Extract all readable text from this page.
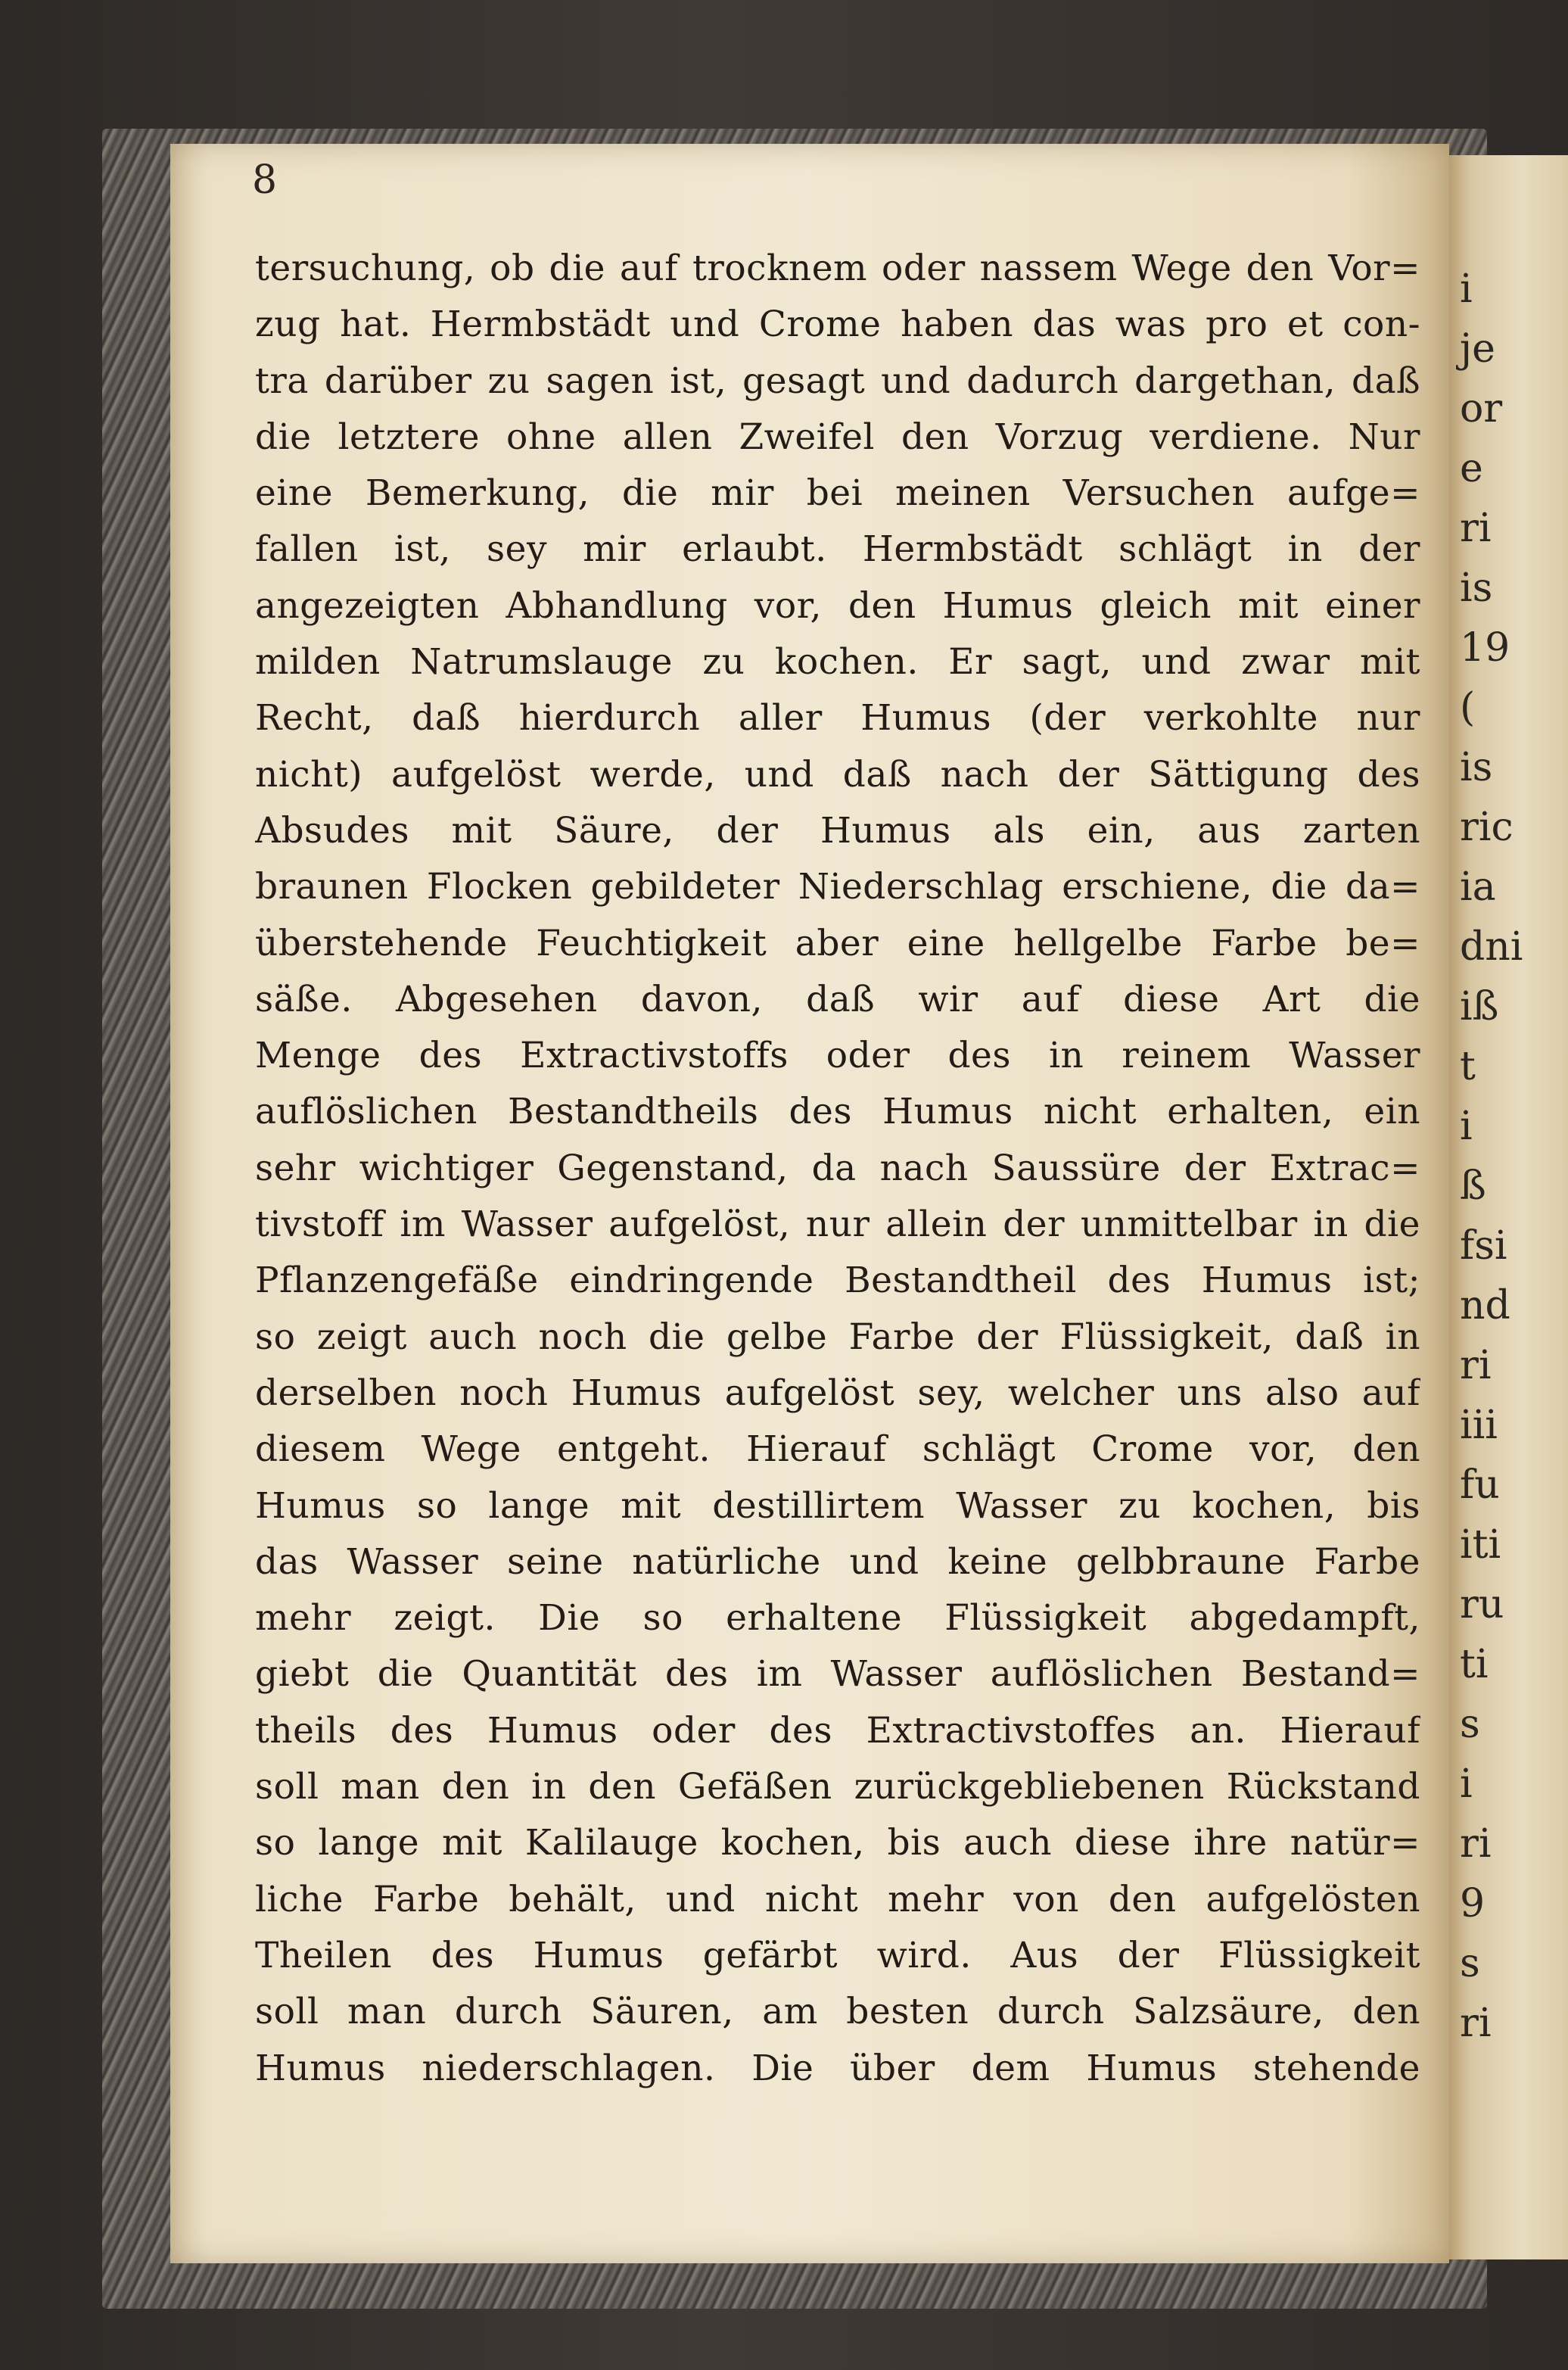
i
je
or
e
ri
is
19
(
is
ric
ia
dni
iß
t
i
ß
fsi
nd
ri
iii
fu
iti
ru
ti
s
i
ri
9
s
ri
8
tersuchung, ob die auf trocknem oder nassem Wege den Vor=
zug hat. Hermbstädt und Crome haben das was pro et con-
tra darüber zu sagen ist, gesagt und dadurch dargethan, daß
die letztere ohne allen Zweifel den Vorzug verdiene. Nur
eine Bemerkung, die mir bei meinen Versuchen aufge=
fallen ist, sey mir erlaubt. Hermbstädt schlägt in der
angezeigten Abhandlung vor, den Humus gleich mit einer
milden Natrumslauge zu kochen. Er sagt, und zwar mit
Recht, daß hierdurch aller Humus (der verkohlte nur
nicht) aufgelöst werde, und daß nach der Sättigung des
Absudes mit Säure, der Humus als ein, aus zarten
braunen Flocken gebildeter Niederschlag erschiene, die da=
überstehende Feuchtigkeit aber eine hellgelbe Farbe be=
säße. Abgesehen davon, daß wir auf diese Art die
Menge des Extractivstoffs oder des in reinem Wasser
auflöslichen Bestandtheils des Humus nicht erhalten, ein
sehr wichtiger Gegenstand, da nach Saussüre der Extrac=
tivstoff im Wasser aufgelöst, nur allein der unmittelbar in die
Pflanzengefäße eindringende Bestandtheil des Humus ist;
so zeigt auch noch die gelbe Farbe der Flüssigkeit, daß in
derselben noch Humus aufgelöst sey, welcher uns also auf
diesem Wege entgeht. Hierauf schlägt Crome vor, den
Humus so lange mit destillirtem Wasser zu kochen, bis
das Wasser seine natürliche und keine gelbbraune Farbe
mehr zeigt. Die so erhaltene Flüssigkeit abgedampft,
giebt die Quantität des im Wasser auflöslichen Bestand=
theils des Humus oder des Extractivstoffes an. Hierauf
soll man den in den Gefäßen zurückgebliebenen Rückstand
so lange mit Kalilauge kochen, bis auch diese ihre natür=
liche Farbe behält, und nicht mehr von den aufgelösten
Theilen des Humus gefärbt wird. Aus der Flüssigkeit
soll man durch Säuren, am besten durch Salzsäure, den
Humus niederschlagen. Die über dem Humus stehende
